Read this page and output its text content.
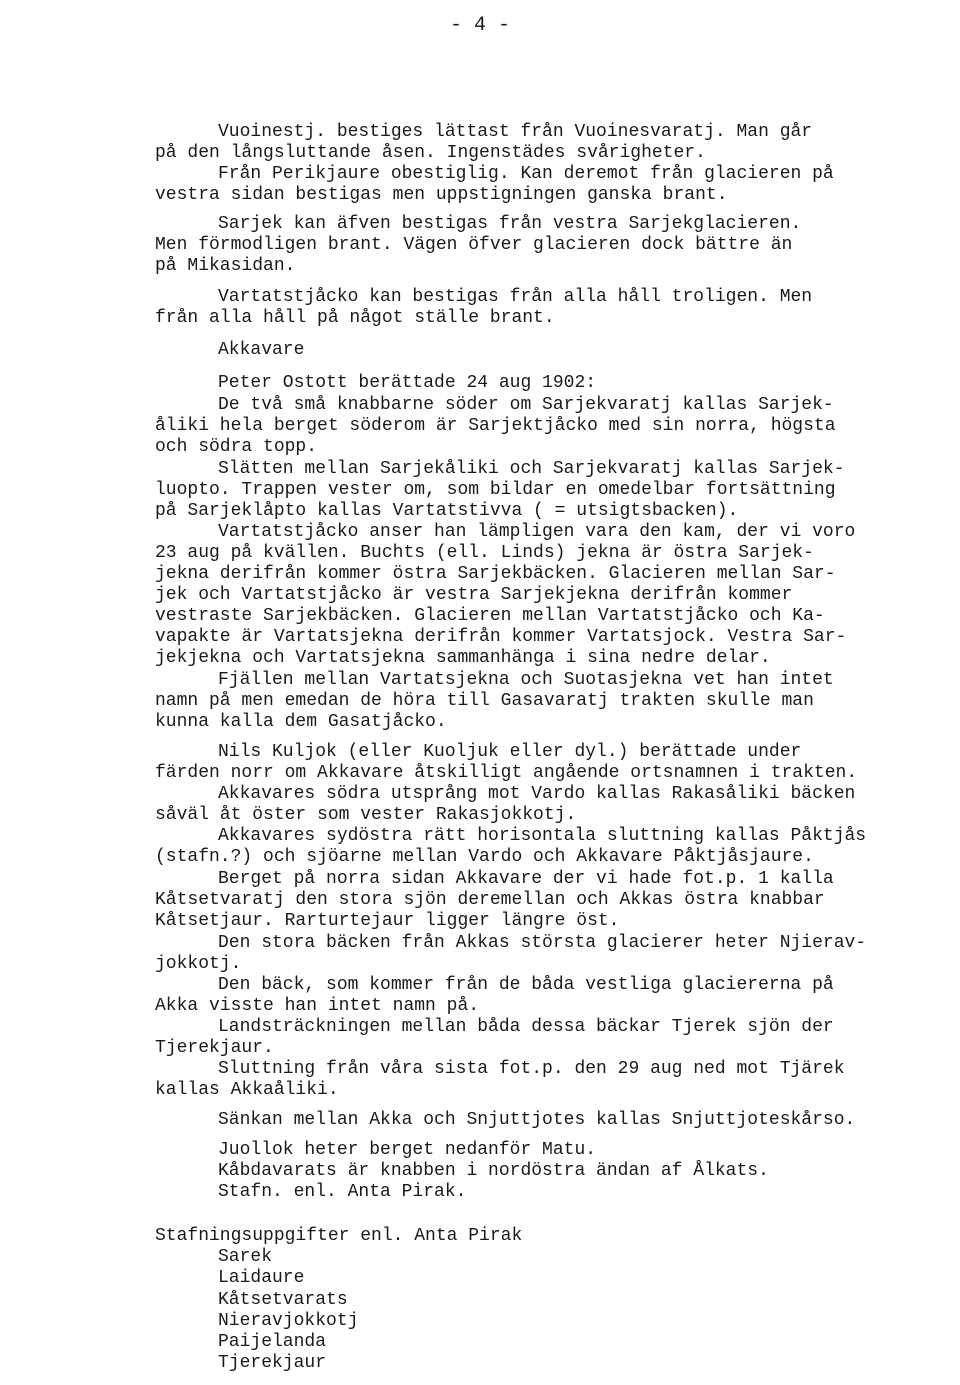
- 4 -
Vuoinestj. bestiges lättast från Vuoinesvaratj. Man går
på den långsluttande åsen. Ingenstädes svårigheter.
Från Perikjaure obestiglig. Kan deremot från glacieren på
vestra sidan bestigas men uppstigningen ganska brant.
Sarjek kan äfven bestigas från vestra Sarjekglacieren.
Men förmodligen brant. Vägen öfver glacieren dock bättre än
på Mikasidan.
Vartatstjåcko kan bestigas från alla håll troligen. Men
från alla håll på något ställe brant.
Akkavare
Peter Ostott berättade 24 aug 1902:
De två små knabbarne söder om Sarjekvaratj kallas Sarjek-
åliki hela berget söderom är Sarjektjåcko med sin norra, högsta
och södra topp.
Slätten mellan Sarjekåliki och Sarjekvaratj kallas Sarjek-
luopto. Trappen vester om, som bildar en omedelbar fortsättning
på Sarjeklåpto kallas Vartatstivva ( = utsigtsbacken).
Vartatstjåcko anser han lämpligen vara den kam, der vi voro
23 aug på kvällen. Buchts (ell. Linds) jekna är östra Sarjek-
jekna derifrån kommer östra Sarjekbäcken. Glacieren mellan Sar-
jek och Vartatstjåcko är vestra Sarjekjekna derifrån kommer
vestraste Sarjekbäcken. Glacieren mellan Vartatstjåcko och Ka-
vapakte är Vartatsjekna derifrån kommer Vartatsjock. Vestra Sar-
jekjekna och Vartatsjekna sammanhänga i sina nedre delar.
Fjällen mellan Vartatsjekna och Suotasjekna vet han intet
namn på men emedan de höra till Gasavaratj trakten skulle man
kunna kalla dem Gasatjåcko.
Nils Kuljok (eller Kuoljuk eller dyl.) berättade under
färden norr om Akkavare åtskilligt angående ortsnamnen i trakten.
Akkavares södra utsprång mot Vardo kallas Rakasåliki bäcken
såväl åt öster som vester Rakasjokkotj.
Akkavares sydöstra rätt horisontala sluttning kallas Påktjås
(stafn.?) och sjöarne mellan Vardo och Akkavare Påktjåsjaure.
Berget på norra sidan Akkavare der vi hade fot.p. 1 kalla
Kåtsetvaratj den stora sjön deremellan och Akkas östra knabbar
Kåtsetjaur. Rarturtejaur ligger längre öst.
Den stora bäcken från Akkas största glacierer heter Njierav-
jokkotj.
Den bäck, som kommer från de båda vestliga glaciererna på
Akka visste han intet namn på.
Landsträckningen mellan båda dessa bäckar Tjerek sjön der
Tjerekjaur.
Sluttning från våra sista fot.p. den 29 aug ned mot Tjärek
kallas Akkaåliki.
Sänkan mellan Akka och Snjuttjotes kallas Snjuttjoteskårso.
Juollok heter berget nedanför Matu.
Kåbdavarats är knabben i nordöstra ändan af Ålkats.
Stafn. enl. Anta Pirak.
Stafningsuppgifter enl. Anta Pirak
Sarek
Laidaure
Kåtsetvarats
Nieravjokkotj
Paijelanda
Tjerekjaur
